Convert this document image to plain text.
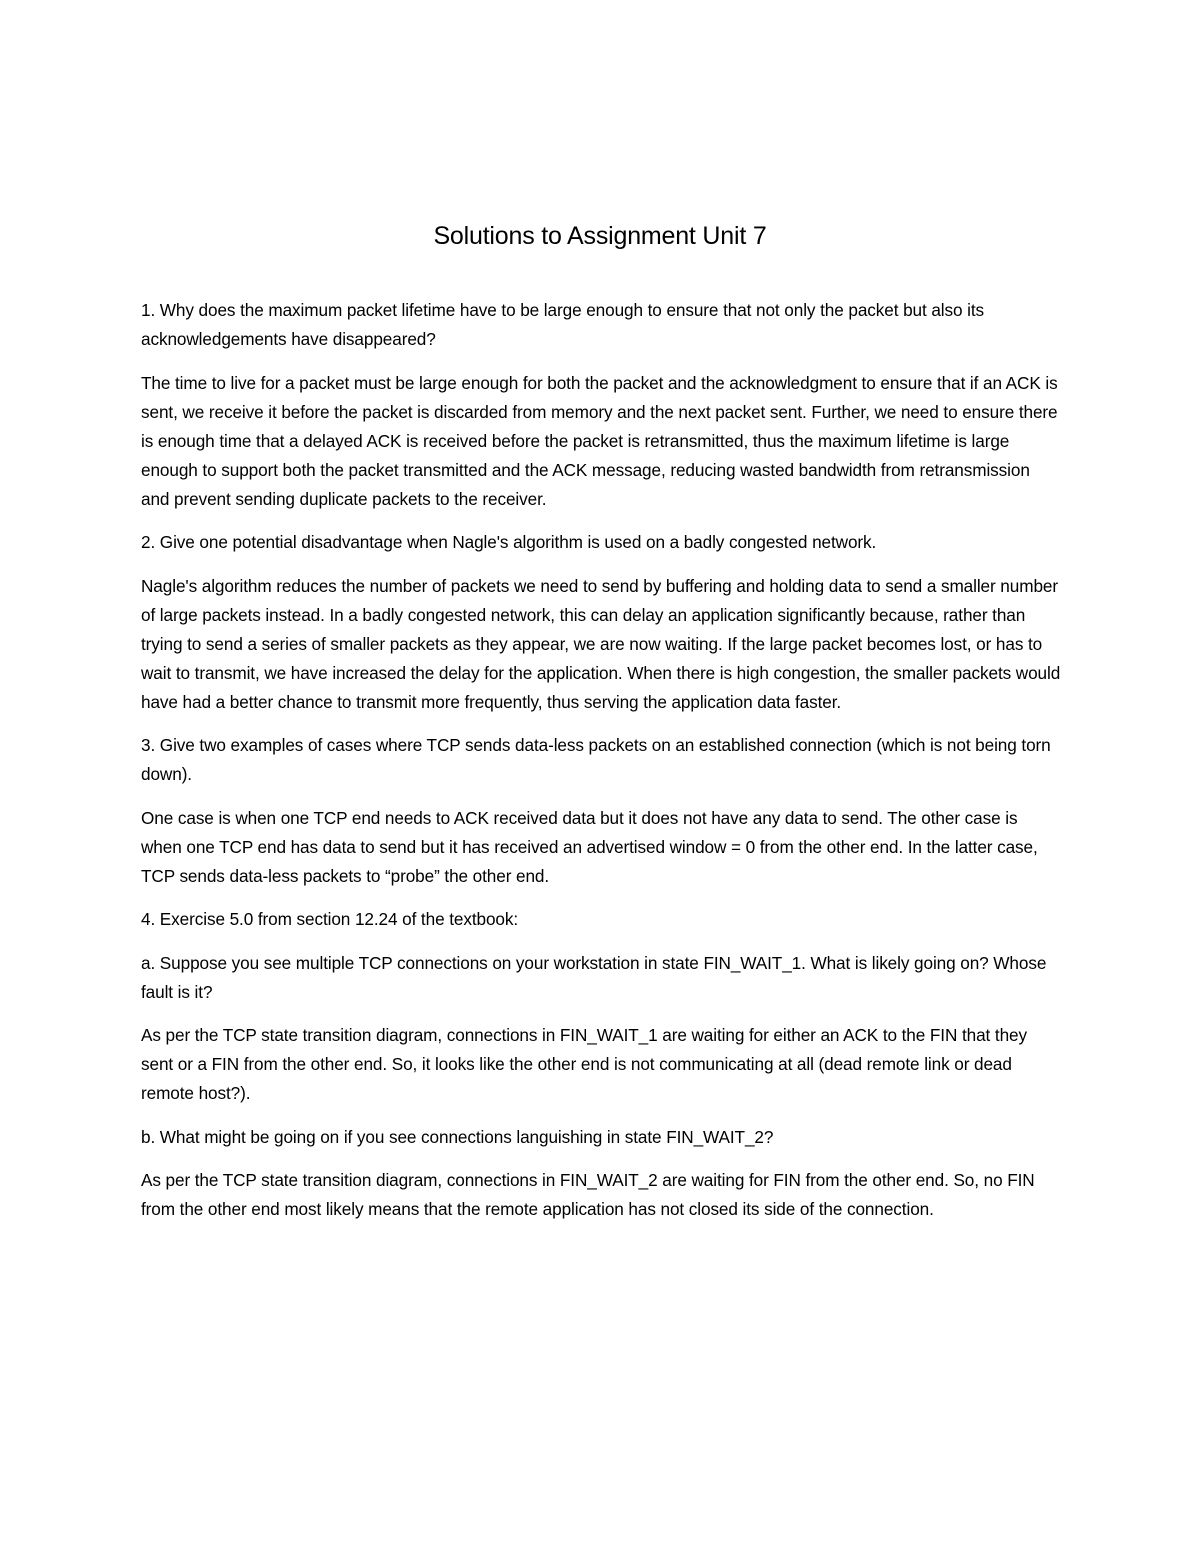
Solutions to Assignment Unit 7

1. Why does the maximum packet lifetime have to be large enough to ensure that not only the packet but also its acknowledgements have disappeared?

The time to live for a packet must be large enough for both the packet and the acknowledgment to ensure that if an ACK is sent, we receive it before the packet is discarded from memory and the next packet sent. Further, we need to ensure there is enough time that a delayed ACK is received before the packet is retransmitted, thus the maximum lifetime is large enough to support both the packet transmitted and the ACK message, reducing wasted bandwidth from retransmission and prevent sending duplicate packets to the receiver.

2. Give one potential disadvantage when Nagle's algorithm is used on a badly congested network.

Nagle's algorithm reduces the number of packets we need to send by buffering and holding data to send a smaller number of large packets instead. In a badly congested network, this can delay an application significantly because, rather than trying to send a series of smaller packets as they appear, we are now waiting. If the large packet becomes lost, or has to wait to transmit, we have increased the delay for the application. When there is high congestion, the smaller packets would have had a better chance to transmit more frequently, thus serving the application data faster.

3. Give two examples of cases where TCP sends data-less packets on an established connection (which is not being torn down).

One case is when one TCP end needs to ACK received data but it does not have any data to send. The other case is when one TCP end has data to send but it has received an advertised window = 0 from the other end. In the latter case, TCP sends data-less packets to “probe” the other end.

4. Exercise 5.0 from section 12.24 of the textbook:

a. Suppose you see multiple TCP connections on your workstation in state FIN_WAIT_1. What is likely going on? Whose fault is it?

As per the TCP state transition diagram, connections in FIN_WAIT_1 are waiting for either an ACK to the FIN that they sent or a FIN from the other end. So, it looks like the other end is not communicating at all (dead remote link or dead remote host?).

b. What might be going on if you see connections languishing in state FIN_WAIT_2?

As per the TCP state transition diagram, connections in FIN_WAIT_2 are waiting for FIN from the other end. So, no FIN from the other end most likely means that the remote application has not closed its side of the connection.
